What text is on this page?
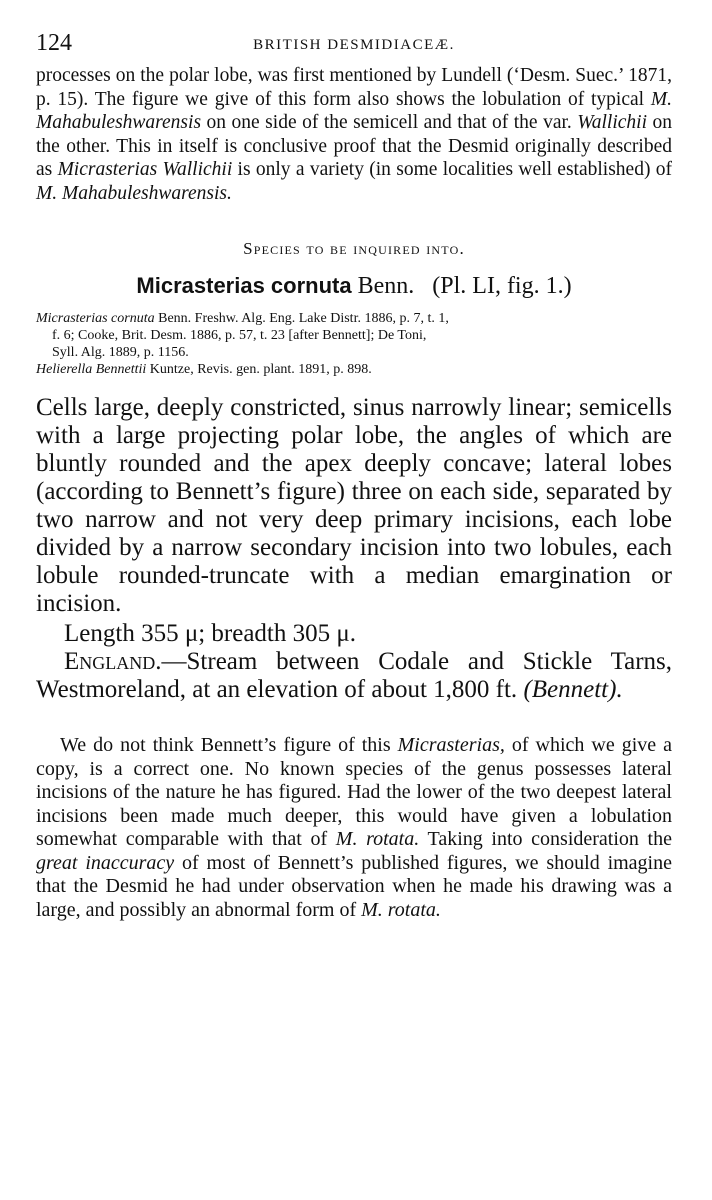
124	BRITISH DESMIDIACEÆ.

processes on the polar lobe, was first mentioned by Lundell (‘Desm. Suec.’ 1871, p. 15). The figure we give of this form also shows the lobulation of typical M. Mahabuleshwarensis on one side of the semicell and that of the var. Wallichii on the other. This in itself is conclusive proof that the Desmid originally described as Micrasterias Wallichii is only a variety (in some localities well established) of M. Mahabuleshwarensis.

Species to be inquired into.
Micrasterias cornuta Benn. (Pl. LI, fig. 1.)

Micrasterias cornuta Benn. Freshw. Alg. Eng. Lake Distr. 1886, p. 7, t. 1,

f. 6; Cooke, Brit. Desm. 1886, p. 57, t. 23 [after Bennett]; De Toni,

Syll. Alg. 1889, p. 1156.

Helierella Bennettii Kuntze, Revis. gen. plant. 1891, p. 898.

Cells large, deeply constricted, sinus narrowly linear; semicells with a large projecting polar lobe, the angles of which are bluntly rounded and the apex deeply concave; lateral lobes (according to Bennett’s figure) three on each side, separated by two narrow and not very deep primary incisions, each lobe divided by a narrow secondary incision into two lobules, each lobule rounded-truncate with a median emargination or incision.

Length 355 μ; breadth 305 μ.

England.—Stream between Codale and Stickle Tarns, Westmoreland, at an elevation of about 1,800 ft. (Bennett).

We do not think Bennett’s figure of this Micrasterias, of which we give a copy, is a correct one. No known species of the genus possesses lateral incisions of the nature he has figured. Had the lower of the two deepest lateral incisions been made much deeper, this would have given a lobulation somewhat comparable with that of M. rotata. Taking into consideration the great inaccuracy of most of Bennett’s published figures, we should imagine that the Desmid he had under observation when he made his drawing was a large, and possibly an abnormal form of M. rotata.
